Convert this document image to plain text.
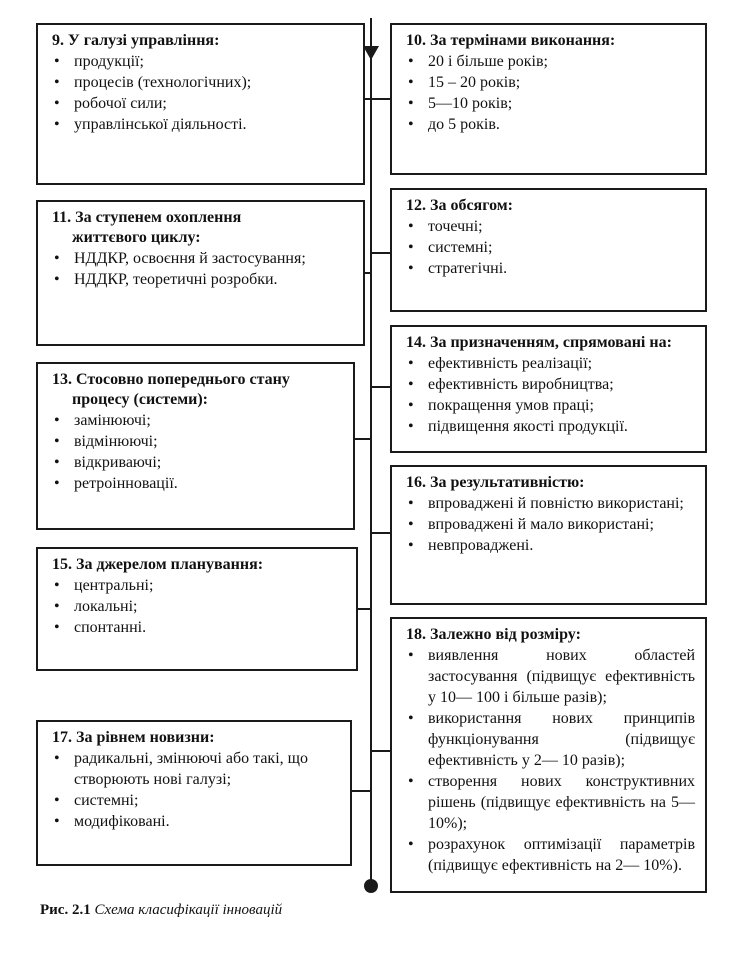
9. У галузі управління:
• продукції;
• процесів (технологічних);
• робочої сили;
• управлінської діяльності.
10. За термінами виконання:
• 20 і більше років;
• 15 – 20 років;
• 5—10 років;
• до 5 років.
11. За ступенем охоплення
життєвого циклу:
• НДДКР, освоєння й застосування;
• НДДКР, теоретичні розробки.
12. За обсягом:
• точечні;
• системні;
• стратегічні.
13. Стосовно попереднього стану
процесу (системи):
• замінюючі;
• відмінюючі;
• відкриваючі;
• ретроінновації.
14. За призначенням, спрямовані на:
• ефективність реалізації;
• ефективність виробництва;
• покращення умов праці;
• підвищення якості продукції.
15. За джерелом планування:
• центральні;
• локальні;
• спонтанні.
16. За результативністю:
• впроваджені й повністю використані;
• впроваджені й мало використані;
• невпроваджені.
17. За рівнем новизни:
• радикальні, змінюючі або такі, що створюють нові галузі;
• системні;
• модифіковані.
18. Залежно від розміру:
• виявлення нових областей застосування (підвищує ефективність у 10— 100 і більше разів);
• використання нових принципів функціонування (підвищує ефективність у 2— 10 разів);
• створення нових конструктивних рішень (підвищує ефективність на 5— 10%);
• розрахунок оптимізації параметрів (підвищує ефективність на 2— 10%).
Рис. 2.1 Схема класифікації інновацій
